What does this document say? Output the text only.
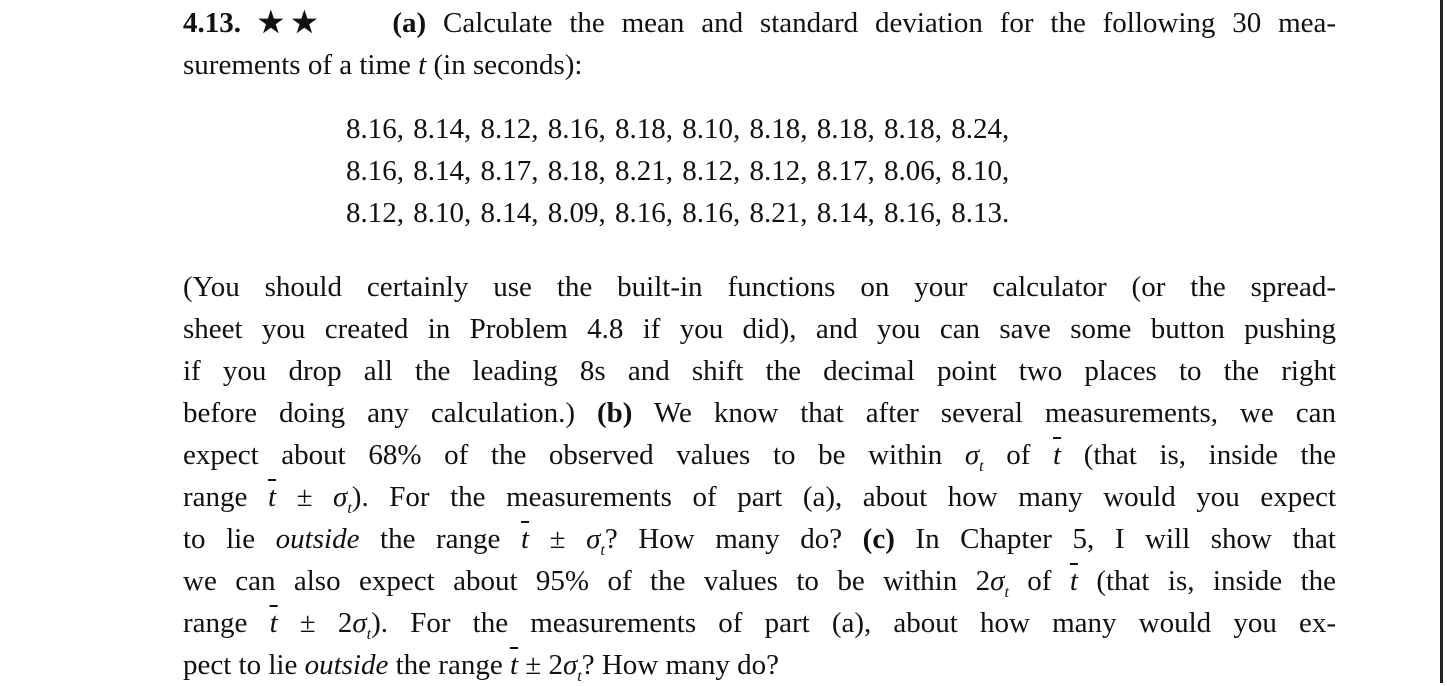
4.13. ★★ (a) Calculate the mean and standard deviation for the following 30 mea-
surements of a time t (in seconds):
8.16, 8.14, 8.12, 8.16, 8.18, 8.10, 8.18, 8.18, 8.18, 8.24,
8.16, 8.14, 8.17, 8.18, 8.21, 8.12, 8.12, 8.17, 8.06, 8.10,
8.12, 8.10, 8.14, 8.09, 8.16, 8.16, 8.21, 8.14, 8.16, 8.13.
(You should certainly use the built-in functions on your calculator (or the spread-
sheet you created in Problem 4.8 if you did), and you can save some button pushing
if you drop all the leading 8s and shift the decimal point two places to the right
before doing any calculation.) (b) We know that after several measurements, we can
expect about 68% of the observed values to be within $\sigma_t$ of $\overline{t}$ (that is, inside the
range $\overline{t} \pm \sigma_t$). For the measurements of part (a), about how many would you expect
to lie outside the range $\overline{t} \pm \sigma_t$? How many do? (c) In Chapter 5, I will show that
we can also expect about 95% of the values to be within $2\sigma_t$ of $\overline{t}$ (that is, inside the
range $\overline{t} \pm 2\sigma_t$). For the measurements of part (a), about how many would you ex-
pect to lie outside the range $\overline{t} \pm 2\sigma_t$? How many do?
